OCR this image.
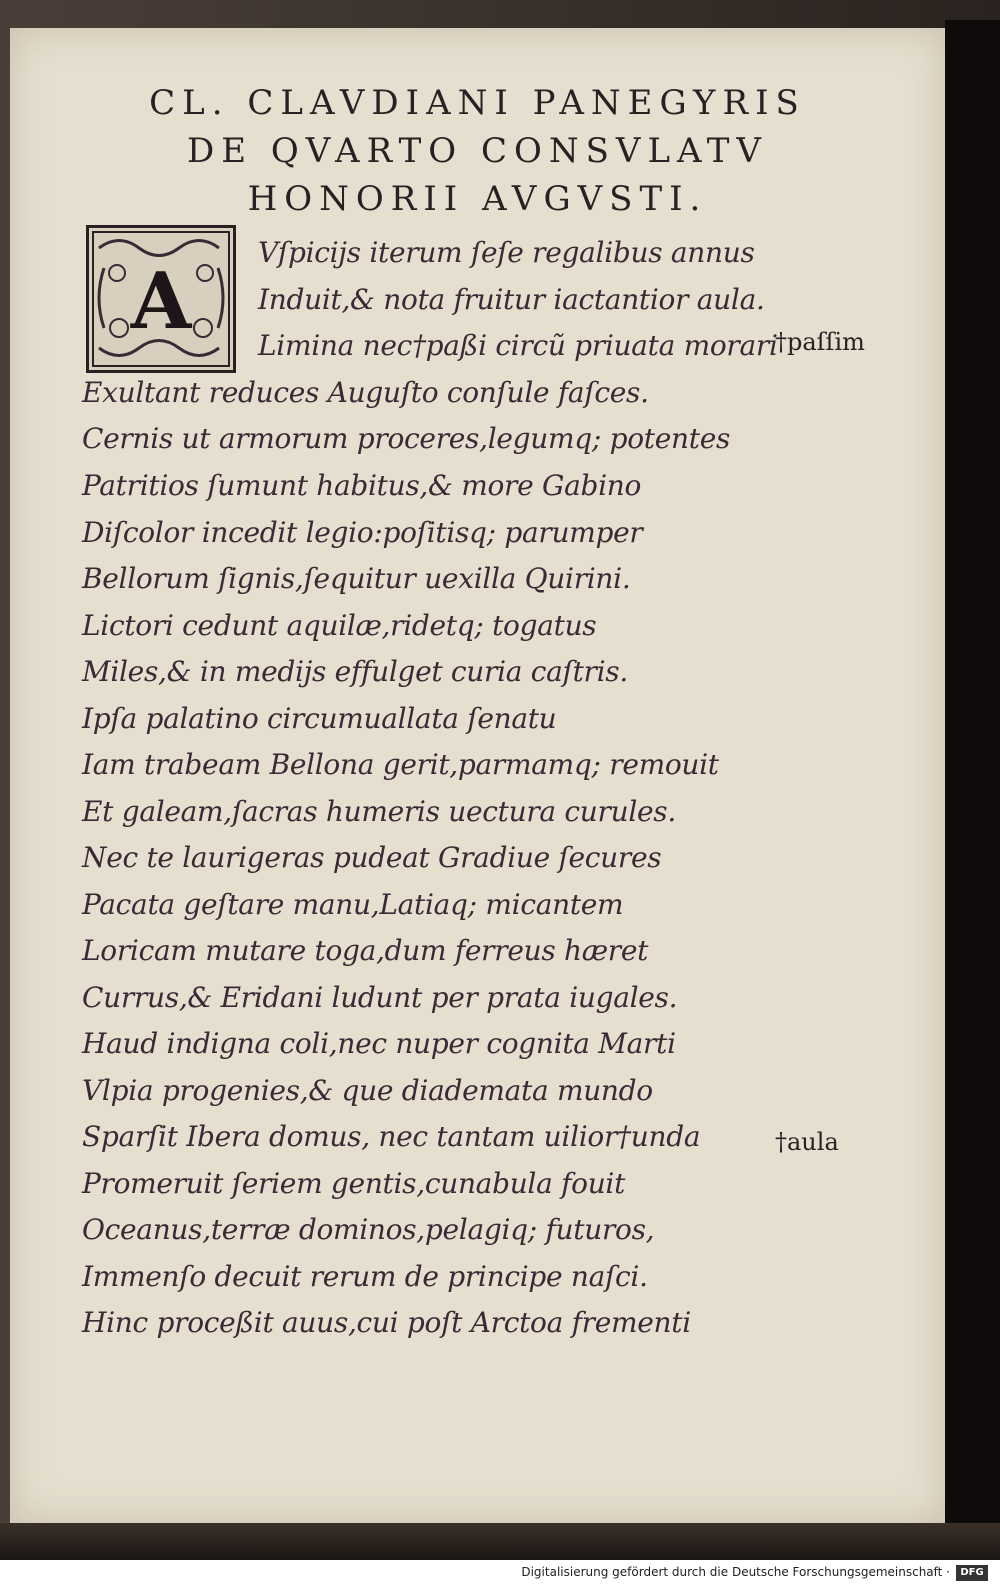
CL. CLAVDIANI PANEGYRIS
DE QVARTO CONSVLATV
HONORII AVGVSTI.
†paſſim
†aula
A
Vſpicijs iterum ſeſe regalibus annus
Induit,& nota fruitur iactantior aula.
Limina nec†paßi circũ priuata morari
Exultant reduces Auguſto conſule faſces.
Cernis ut armorum proceres,legumq; potentes
Patritios ſumunt habitus,& more Gabino
Diſcolor incedit legio:poſitisq; parumper
Bellorum ſignis,ſequitur uexilla Quirini.
Lictori cedunt aquilæ,ridetq; togatus
Miles,& in medijs effulget curia caſtris.
Ipſa palatino circumuallata ſenatu
Iam trabeam Bellona gerit,parmamq; remouit
Et galeam,ſacras humeris uectura curules.
Nec te laurigeras pudeat Gradiue ſecures
Pacata geſtare manu,Latiaq; micantem
Loricam mutare toga,dum ferreus hæret
Currus,& Eridani ludunt per prata iugales.
Haud indigna coli,nec nuper cognita Marti
Vlpia progenies,& que diademata mundo
Sparſit Ibera domus, nec tantam uilior†unda
Promeruit ſeriem gentis,cunabula fouit
Oceanus,terræ dominos,pelagiq; futuros,
Immenſo decuit rerum de principe naſci.
Hinc proceßit auus,cui poſt Arctoa frementi
Digitalisierung gefördert durch die Deutsche Forschungsgemeinschaft ·	DFG
